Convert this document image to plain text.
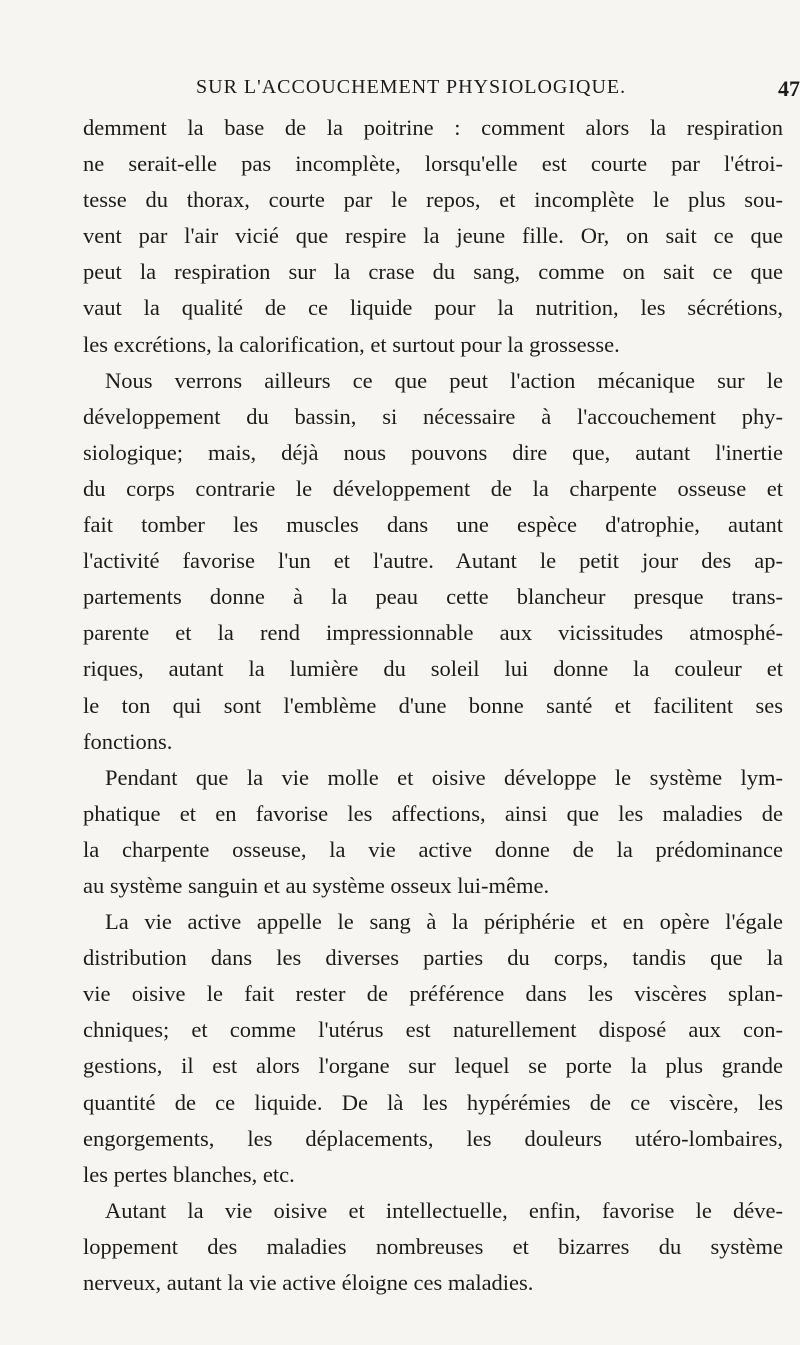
SUR L'ACCOUCHEMENT PHYSIOLOGIQUE.	47
demment la base de la poitrine : comment alors la respiration
ne serait-elle pas incomplète, lorsqu'elle est courte par l'étroi-
tesse du thorax, courte par le repos, et incomplète le plus sou-
vent par l'air vicié que respire la jeune fille. Or, on sait ce que
peut la respiration sur la crase du sang, comme on sait ce que
vaut la qualité de ce liquide pour la nutrition, les sécrétions,
les excrétions, la calorification, et surtout pour la grossesse.
Nous verrons ailleurs ce que peut l'action mécanique sur le
développement du bassin, si nécessaire à l'accouchement phy-
siologique; mais, déjà nous pouvons dire que, autant l'inertie
du corps contrarie le développement de la charpente osseuse et
fait tomber les muscles dans une espèce d'atrophie, autant
l'activité favorise l'un et l'autre. Autant le petit jour des ap-
partements donne à la peau cette blancheur presque trans-
parente et la rend impressionnable aux vicissitudes atmosphé-
riques, autant la lumière du soleil lui donne la couleur et
le ton qui sont l'emblème d'une bonne santé et facilitent ses
fonctions.
Pendant que la vie molle et oisive développe le système lym-
phatique et en favorise les affections, ainsi que les maladies de
la charpente osseuse, la vie active donne de la prédominance
au système sanguin et au système osseux lui-même.
La vie active appelle le sang à la périphérie et en opère l'égale
distribution dans les diverses parties du corps, tandis que la
vie oisive le fait rester de préférence dans les viscères splan-
chniques; et comme l'utérus est naturellement disposé aux con-
gestions, il est alors l'organe sur lequel se porte la plus grande
quantité de ce liquide. De là les hypérémies de ce viscère, les
engorgements, les déplacements, les douleurs utéro-lombaires,
les pertes blanches, etc.
Autant la vie oisive et intellectuelle, enfin, favorise le déve-
loppement des maladies nombreuses et bizarres du système
nerveux, autant la vie active éloigne ces maladies.
